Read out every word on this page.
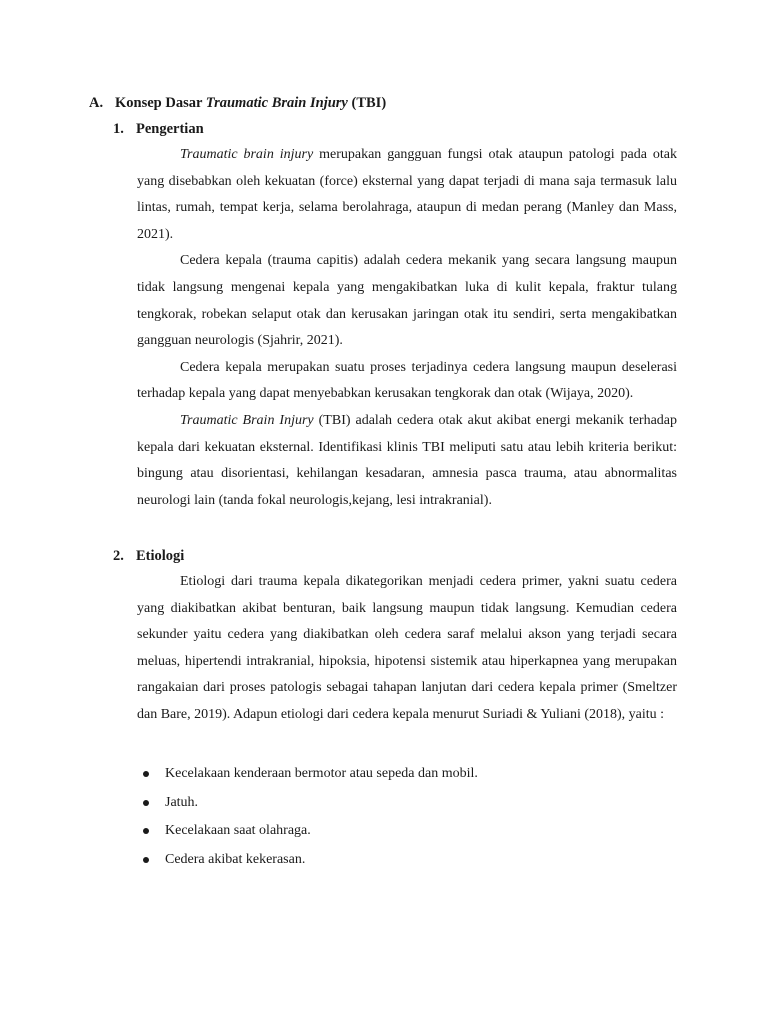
A. Konsep Dasar Traumatic Brain Injury (TBI)
1. Pengertian

Traumatic brain injury merupakan gangguan fungsi otak ataupun patologi pada otak yang disebabkan oleh kekuatan (force) eksternal yang dapat terjadi di mana saja termasuk lalu lintas, rumah, tempat kerja, selama berolahraga, ataupun di medan perang (Manley dan Mass, 2021).

Cedera kepala (trauma capitis) adalah cedera mekanik yang secara langsung maupun tidak langsung mengenai kepala yang mengakibatkan luka di kulit kepala, fraktur tulang tengkorak, robekan selaput otak dan kerusakan jaringan otak itu sendiri, serta mengakibatkan gangguan neurologis (Sjahrir, 2021).

Cedera kepala merupakan suatu proses terjadinya cedera langsung maupun deselerasi terhadap kepala yang dapat menyebabkan kerusakan tengkorak dan otak (Wijaya, 2020).

Traumatic Brain Injury (TBI) adalah cedera otak akut akibat energi mekanik terhadap kepala dari kekuatan eksternal. Identifikasi klinis TBI meliputi satu atau lebih kriteria berikut: bingung atau disorientasi, kehilangan kesadaran, amnesia pasca trauma, atau abnormalitas neurologi lain (tanda fokal neurologis,kejang, lesi intrakranial).

2. Etiologi

Etiologi dari trauma kepala dikategorikan menjadi cedera primer, yakni suatu cedera yang diakibatkan akibat benturan, baik langsung maupun tidak langsung. Kemudian cedera sekunder yaitu cedera yang diakibatkan oleh cedera saraf melalui akson yang terjadi secara meluas, hipertendi intrakranial, hipoksia, hipotensi sistemik atau hiperkapnea yang merupakan rangakaian dari proses patologis sebagai tahapan lanjutan dari cedera kepala primer (Smeltzer dan Bare, 2019). Adapun etiologi dari cedera kepala menurut Suriadi & Yuliani (2018), yaitu :

Kecelakaan kenderaan bermotor atau sepeda dan mobil.
Jatuh.
Kecelakaan saat olahraga.
Cedera akibat kekerasan.
